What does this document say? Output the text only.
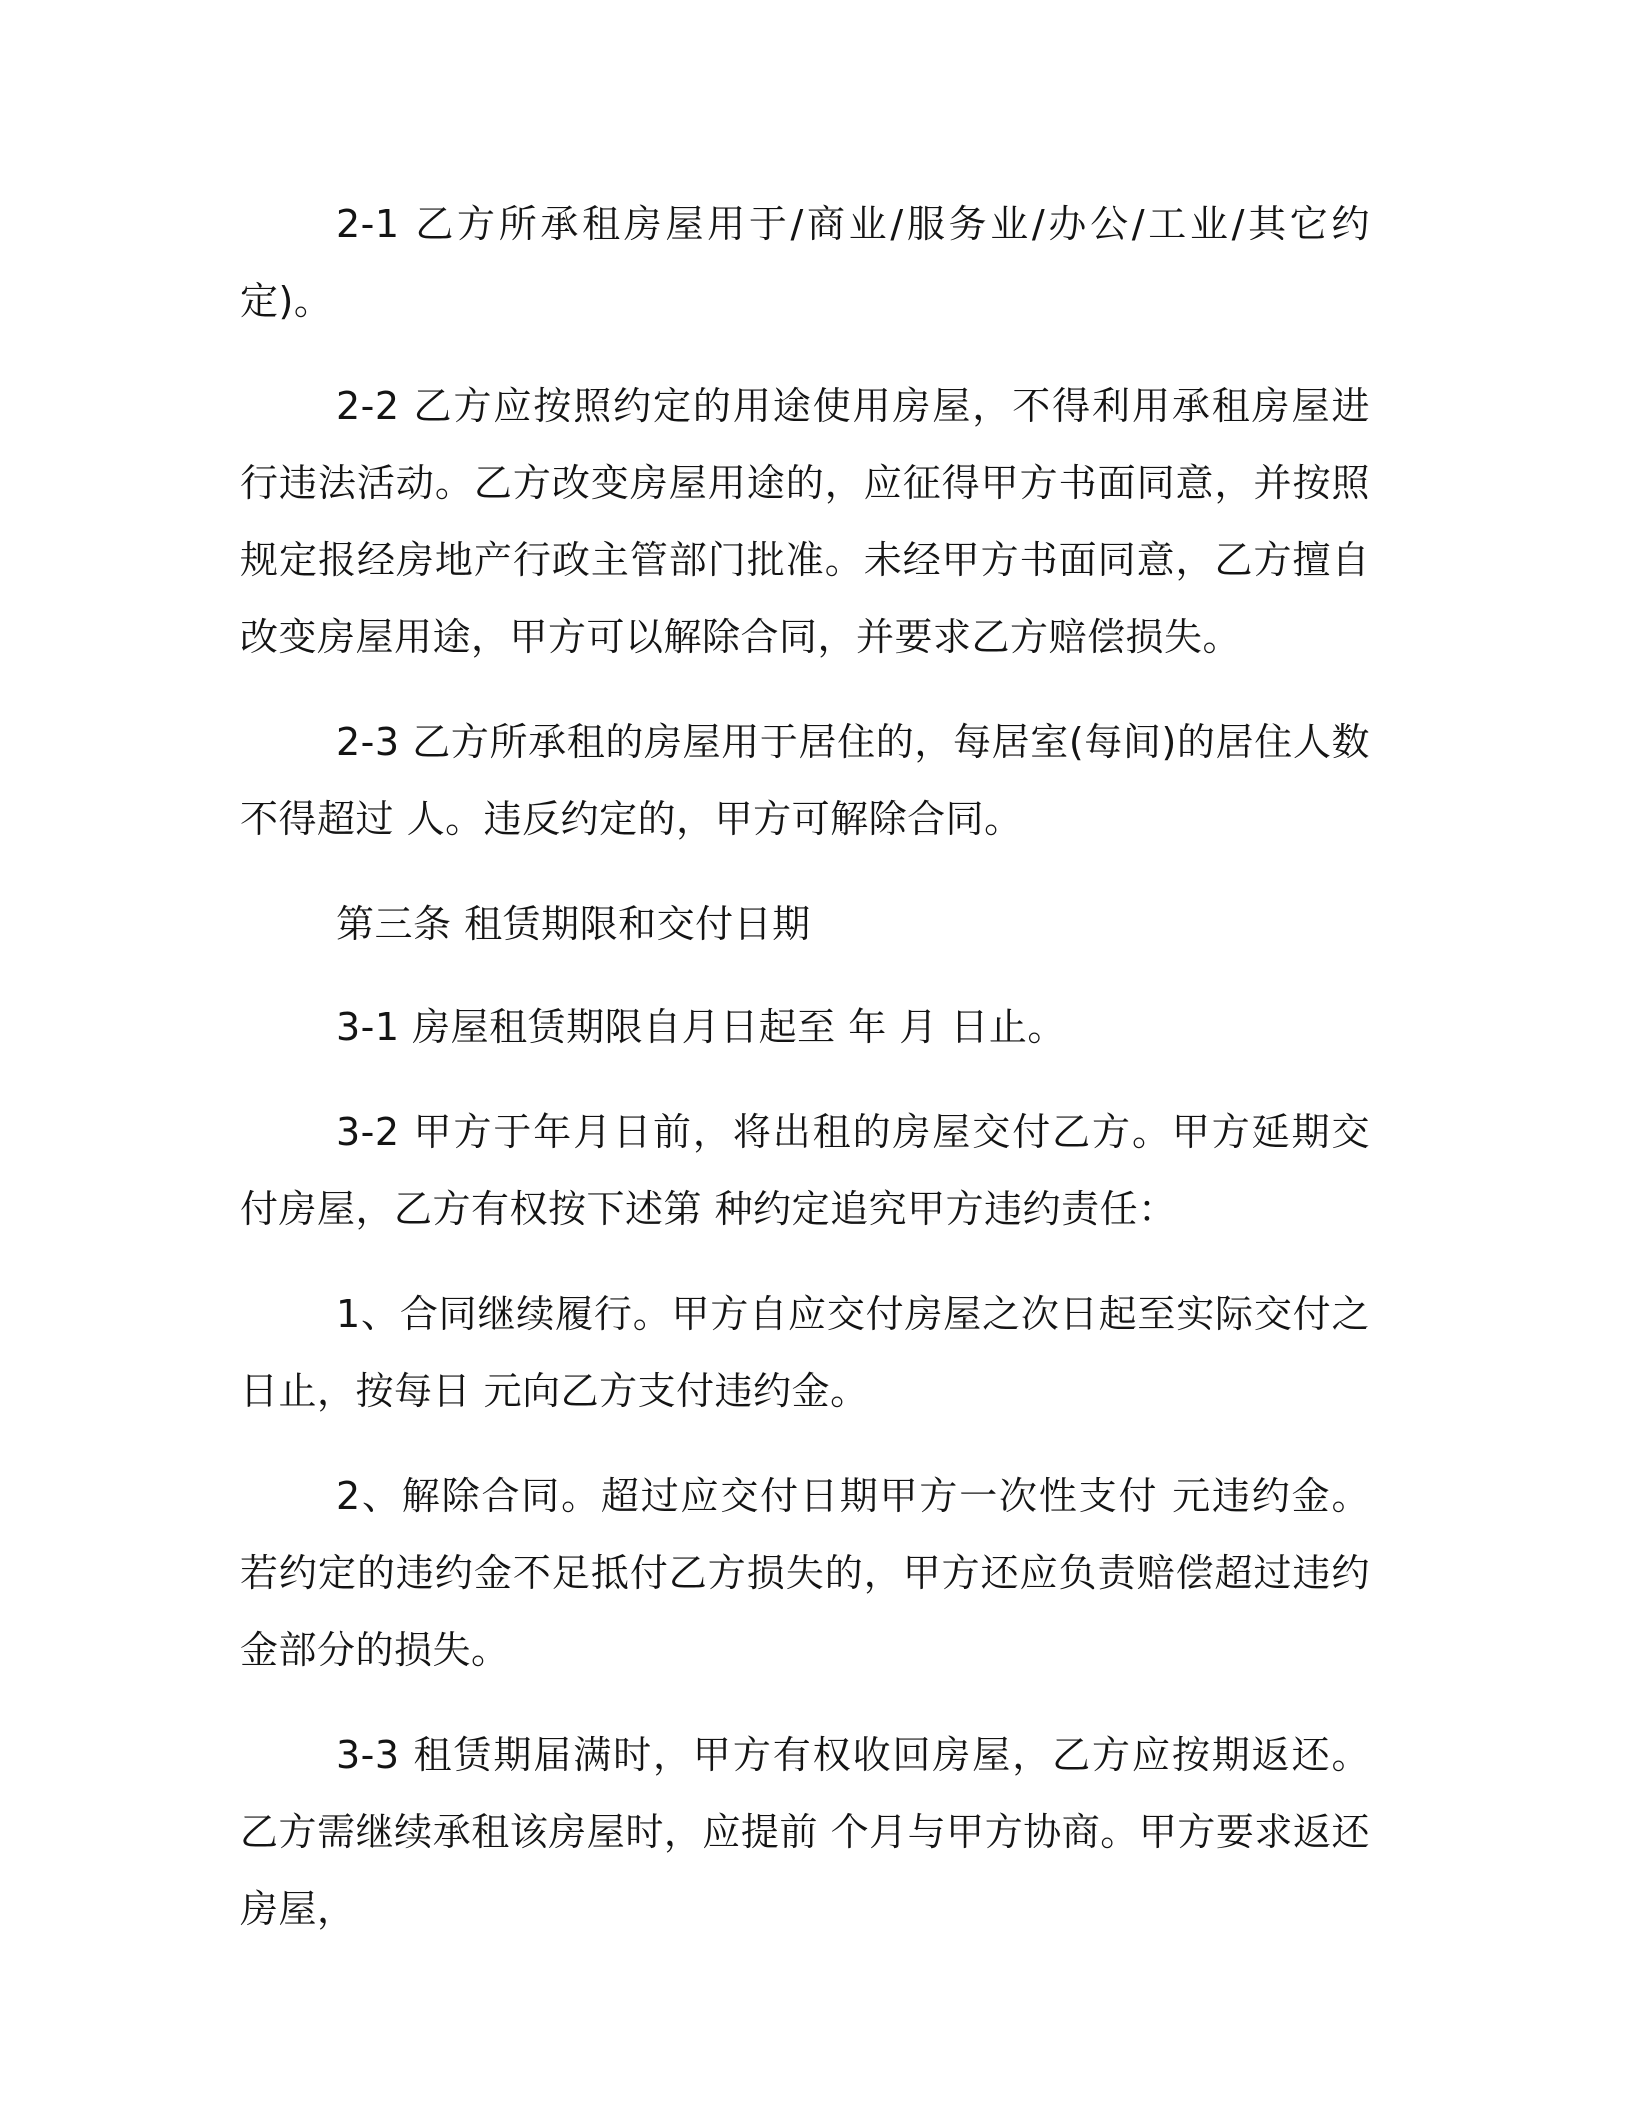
2-1 乙方所承租房屋用于/商业/服务业/办公/工业/其它约定)。

2-2 乙方应按照约定的用途使用房屋，不得利用承租房屋进行违法活动。乙方改变房屋用途的，应征得甲方书面同意，并按照规定报经房地产行政主管部门批准。未经甲方书面同意，乙方擅自改变房屋用途，甲方可以解除合同，并要求乙方赔偿损失。

2-3 乙方所承租的房屋用于居住的，每居室(每间)的居住人数不得超过 人。违反约定的，甲方可解除合同。

第三条 租赁期限和交付日期

3-1 房屋租赁期限自月日起至 年 月 日止。

3-2 甲方于年月日前，将出租的房屋交付乙方。甲方延期交付房屋，乙方有权按下述第 种约定追究甲方违约责任：

1、合同继续履行。甲方自应交付房屋之次日起至实际交付之日止，按每日 元向乙方支付违约金。

2、解除合同。超过应交付日期甲方一次性支付 元违约金。若约定的违约金不足抵付乙方损失的，甲方还应负责赔偿超过违约金部分的损失。

3-3 租赁期届满时，甲方有权收回房屋，乙方应按期返还。乙方需继续承租该房屋时，应提前 个月与甲方协商。甲方要求返还房屋，
